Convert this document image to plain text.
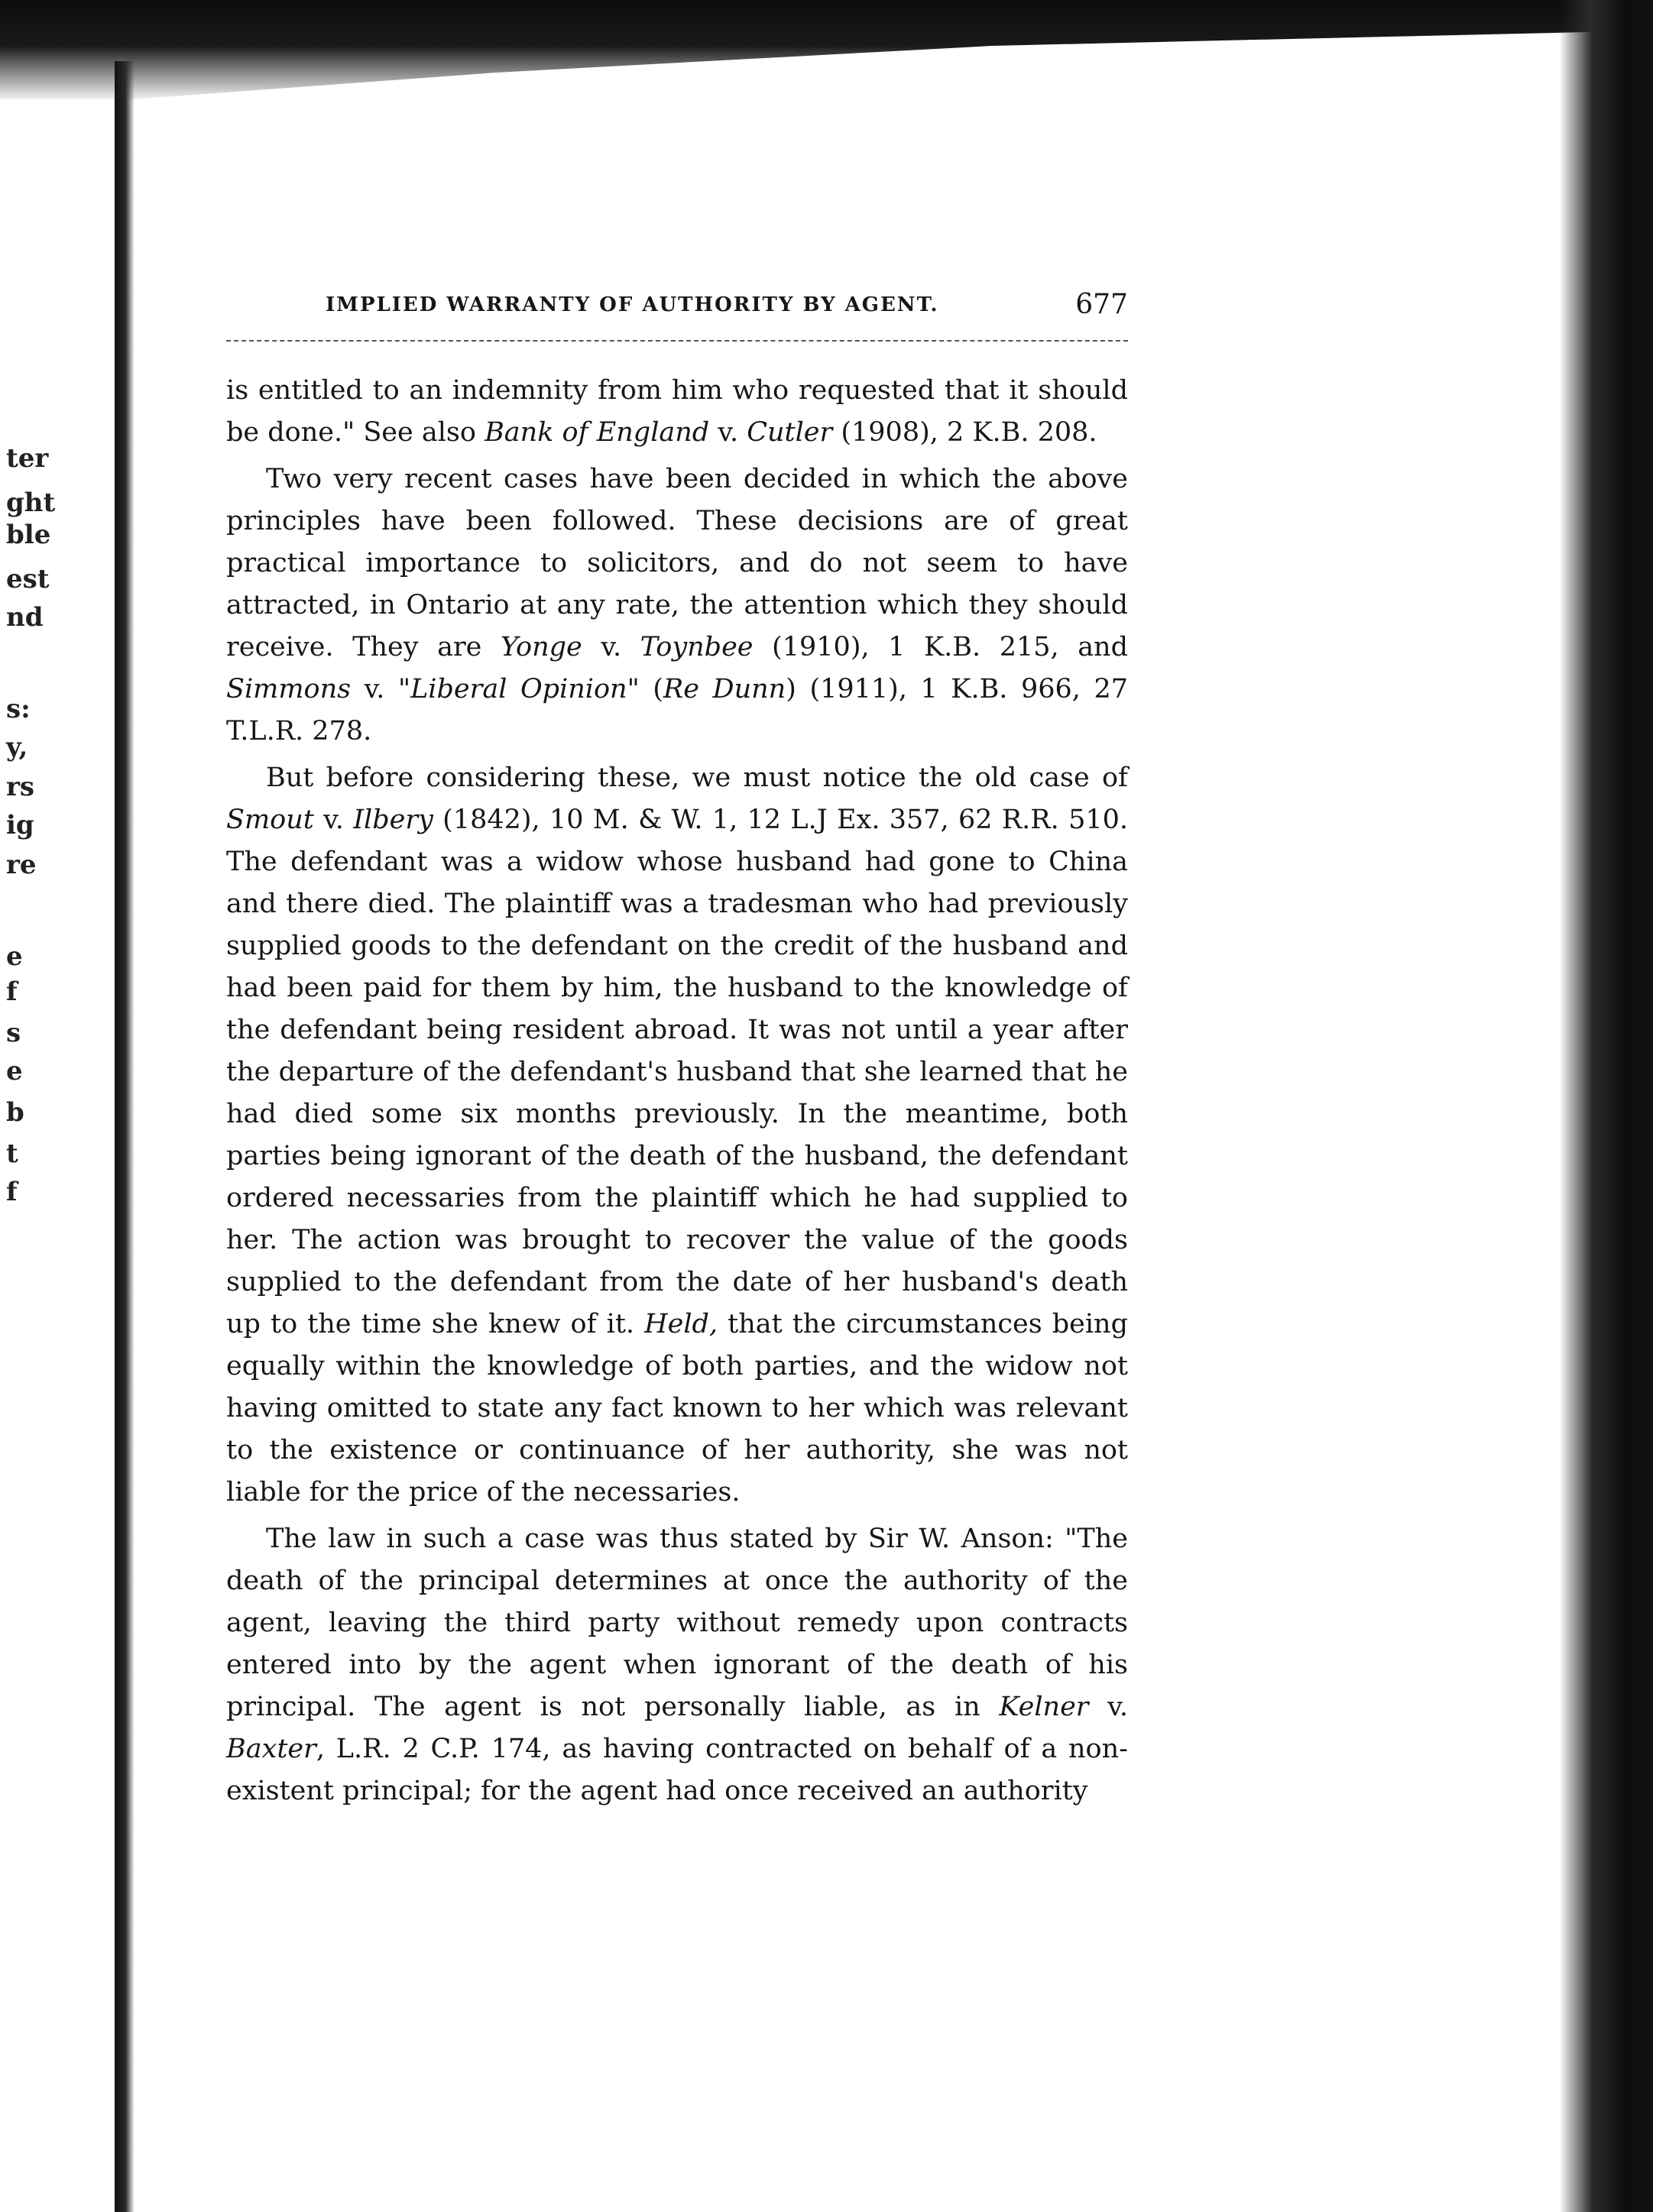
ter
ght
ble
est
nd
s:
y,
rs
ig
re
e
f
s
e
b
t
f
IMPLIED WARRANTY OF AUTHORITY BY AGENT.	677

is entitled to an indemnity from him who requested that it should be done." See also Bank of England v. Cutler (1908), 2 K.B. 208.

Two very recent cases have been decided in which the above principles have been followed. These decisions are of great practical importance to solicitors, and do not seem to have attracted, in Ontario at any rate, the attention which they should receive. They are Yonge v. Toynbee (1910), 1 K.B. 215, and Simmons v. "Liberal Opinion" (Re Dunn) (1911), 1 K.B. 966, 27 T.L.R. 278.

But before considering these, we must notice the old case of Smout v. Ilbery (1842), 10 M. & W. 1, 12 L.J Ex. 357, 62 R.R. 510. The defendant was a widow whose husband had gone to China and there died. The plaintiff was a tradesman who had previously supplied goods to the defendant on the credit of the husband and had been paid for them by him, the husband to the knowledge of the defendant being resident abroad. It was not until a year after the departure of the defendant's husband that she learned that he had died some six months previously. In the meantime, both parties being ignorant of the death of the husband, the defendant ordered necessaries from the plaintiff which he had supplied to her. The action was brought to recover the value of the goods supplied to the defendant from the date of her husband's death up to the time she knew of it. Held, that the circumstances being equally within the knowledge of both parties, and the widow not having omitted to state any fact known to her which was relevant to the existence or continuance of her authority, she was not liable for the price of the necessaries.

The law in such a case was thus stated by Sir W. Anson: "The death of the principal determines at once the authority of the agent, leaving the third party without remedy upon contracts entered into by the agent when ignorant of the death of his principal. The agent is not personally liable, as in Kelner v. Baxter, L.R. 2 C.P. 174, as having contracted on behalf of a non-existent principal; for the agent had once received an authority
